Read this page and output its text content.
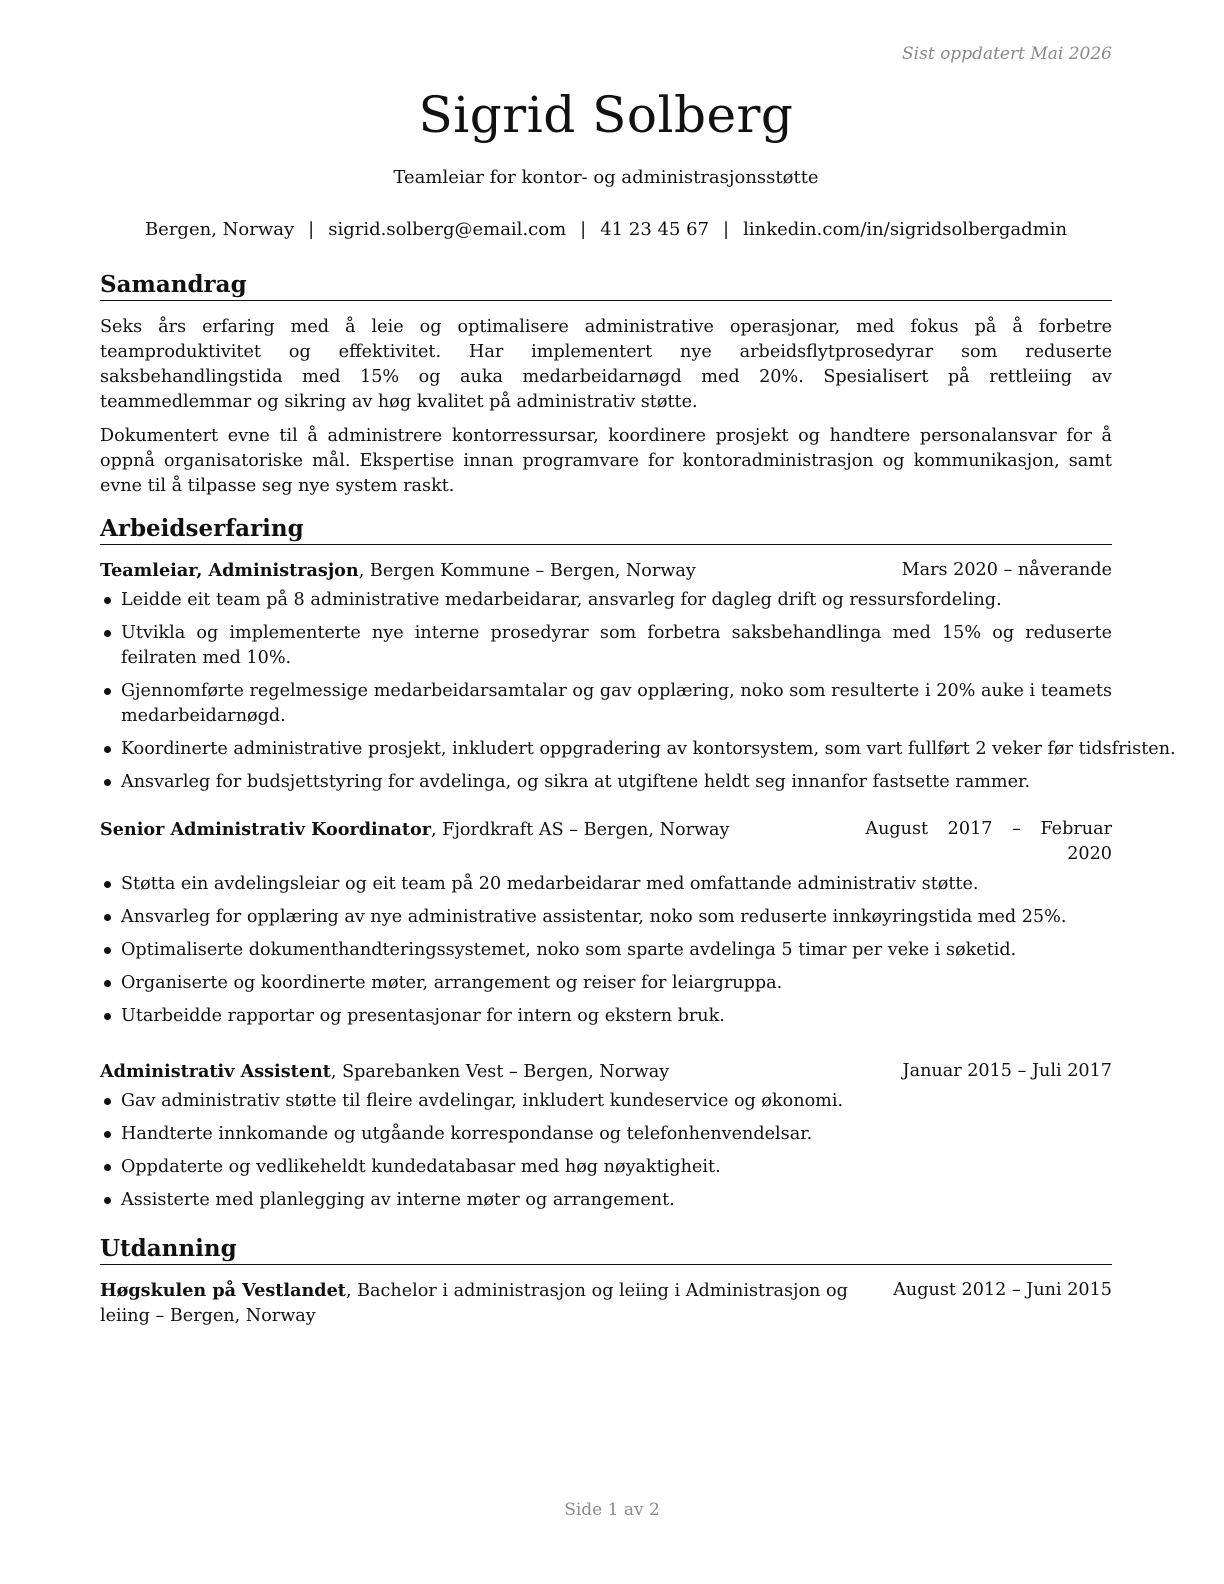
Sist oppdatert Mai 2026
Sigrid Solberg
Teamleiar for kontor- og administrasjonsstøtte
Bergen, Norway | sigrid.solberg@email.com | 41 23 45 67 | linkedin.com/in/sigridsolbergadmin
Samandrag
Seks års erfaring med å leie og optimalisere administrative operasjonar, med fokus på å forbetre teamproduktivitet og effektivitet. Har implementert nye arbeidsflytprosedyrar som reduserte saksbehandlingstida med 15% og auka medarbeidarnøgd med 20%. Spesialisert på rettleiing av teammedlemmar og sikring av høg kvalitet på administrativ støtte.
Dokumentert evne til å administrere kontorressursar, koordinere prosjekt og handtere personalansvar for å oppnå organisatoriske mål. Ekspertise innan programvare for kontoradministrasjon og kommunikasjon, samt evne til å tilpasse seg nye system raskt.
Arbeidserfaring
Teamleiar, Administrasjon, Bergen Kommune – Bergen, Norway	Mars 2020 – nåverande
Leidde eit team på 8 administrative medarbeidarar, ansvarleg for dagleg drift og ressursfordeling.
Utvikla og implementerte nye interne prosedyrar som forbetra saksbehandlinga med 15% og reduserte feilraten med 10%.
Gjennomførte regelmessige medarbeidarsamtalar og gav opplæring, noko som resulterte i 20% auke i teamets medarbeidarnøgd.
Koordinerte administrative prosjekt, inkludert oppgradering av kontorsystem, som vart fullført 2 veker før tidsfristen.
Ansvarleg for budsjettstyring for avdelinga, og sikra at utgiftene heldt seg innanfor fastsette rammer.
Senior Administrativ Koordinator, Fjordkraft AS – Bergen, Norway	August 2017 – Februar
2020
Støtta ein avdelingsleiar og eit team på 20 medarbeidarar med omfattande administrativ støtte.
Ansvarleg for opplæring av nye administrative assistentar, noko som reduserte innkøyringstida med 25%.
Optimaliserte dokumenthandteringssystemet, noko som sparte avdelinga 5 timar per veke i søketid.
Organiserte og koordinerte møter, arrangement og reiser for leiargruppa.
Utarbeidde rapportar og presentasjonar for intern og ekstern bruk.
Administrativ Assistent, Sparebanken Vest – Bergen, Norway	Januar 2015 – Juli 2017
Gav administrativ støtte til fleire avdelingar, inkludert kundeservice og økonomi.
Handterte innkomande og utgåande korrespondanse og telefonhenvendelsar.
Oppdaterte og vedlikeheldt kundedatabasar med høg nøyaktigheit.
Assisterte med planlegging av interne møter og arrangement.
Utdanning
Høgskulen på Vestlandet, Bachelor i administrasjon og leiing i Administrasjon og leiing – Bergen, Norway
August 2012 – Juni 2015
Side 1 av 2
